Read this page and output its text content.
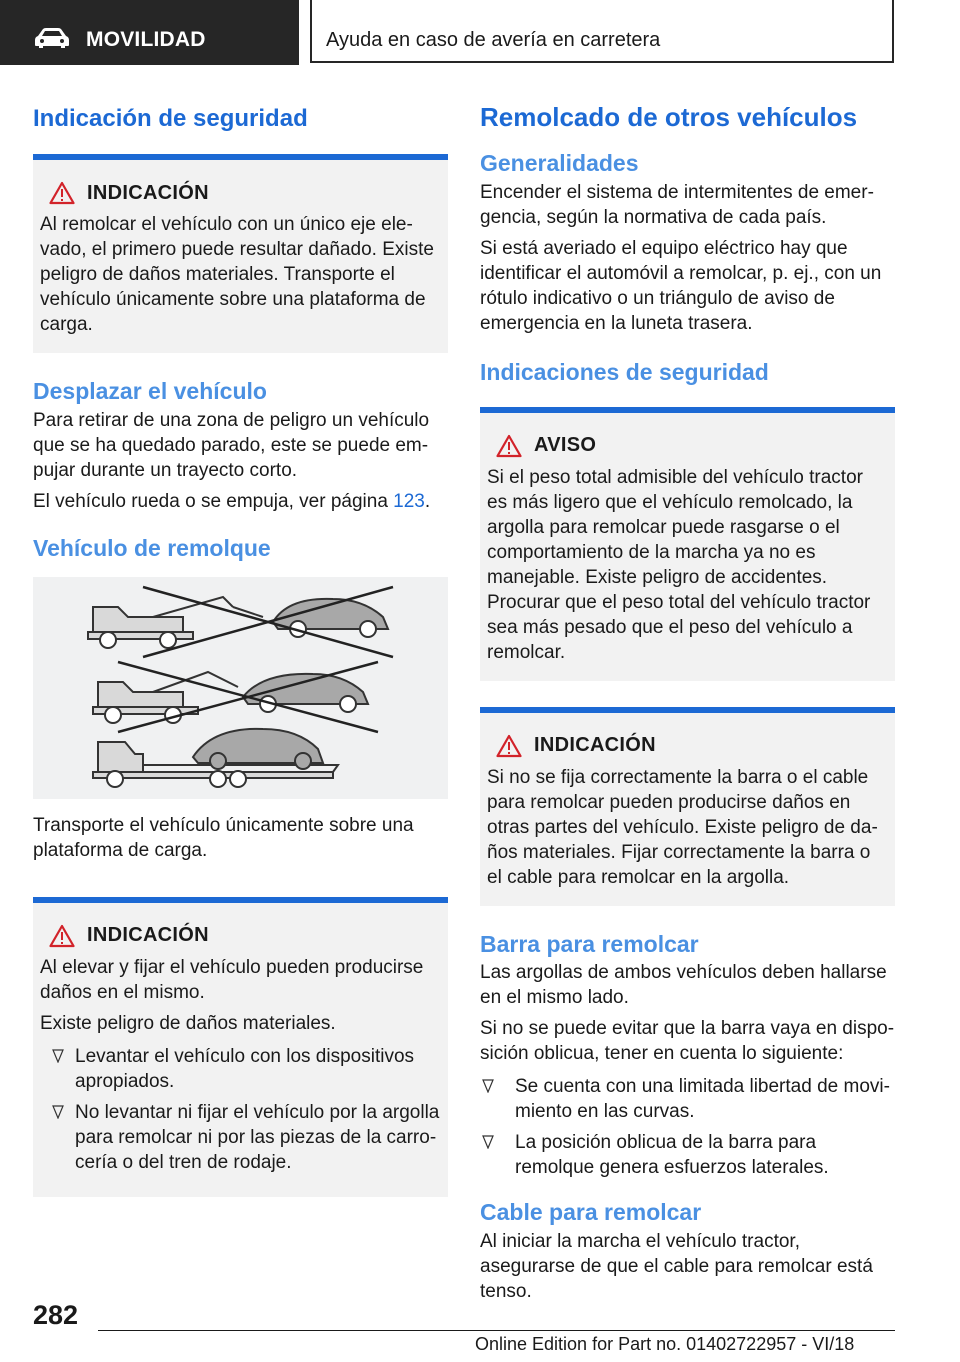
MOVILIDAD	Ayuda en caso de avería en carretera
Indicación de seguridad
INDICACIÓN

Al remolcar el vehículo con un único eje elevado, el primero puede resultar dañado. Existe peligro de daños materiales. Transporte el vehículo únicamente sobre una plataforma de carga.

Desplazar el vehículo

Para retirar de una zona de peligro un vehículo que se ha quedado parado, este se puede empujar durante un trayecto corto.

El vehículo rueda o se empuja, ver página 123.

Vehículo de remolque

Transporte el vehículo únicamente sobre una plataforma de carga.

INDICACIÓN

Al elevar y fijar el vehículo pueden producirse daños en el mismo.

Existe peligro de daños materiales.

Levantar el vehículo con los dispositivos apropiados.
No levantar ni fijar el vehículo por la argolla para remolcar ni por las piezas de la carrocería o del tren de rodaje.
Remolcado de otros vehículos
Generalidades

Encender el sistema de intermitentes de emergencia, según la normativa de cada país.

Si está averiado el equipo eléctrico hay que identificar el automóvil a remolcar, p. ej., con un rótulo indicativo o un triángulo de aviso de emergencia en la luneta trasera.

Indicaciones de seguridad
AVISO

Si el peso total admisible del vehículo tractor es más ligero que el vehículo remolcado, la argolla para remolcar puede rasgarse o el comportamiento de la marcha ya no es manejable. Existe peligro de accidentes. Procurar que el peso total del vehículo tractor sea más pesado que el peso del vehículo a remolcar.

INDICACIÓN

Si no se fija correctamente la barra o el cable para remolcar pueden producirse daños en otras partes del vehículo. Existe peligro de daños materiales. Fijar correctamente la barra o el cable para remolcar en la argolla.

Barra para remolcar

Las argollas de ambos vehículos deben hallarse en el mismo lado.

Si no se puede evitar que la barra vaya en disposición oblicua, tener en cuenta lo siguiente:

Se cuenta con una limitada libertad de movimiento en las curvas.
La posición oblicua de la barra para remolque genera esfuerzos laterales.
Cable para remolcar

Al iniciar la marcha el vehículo tractor, asegurarse de que el cable para remolcar está tenso.

282
Online Edition for Part no. 01402722957 - VI/18
